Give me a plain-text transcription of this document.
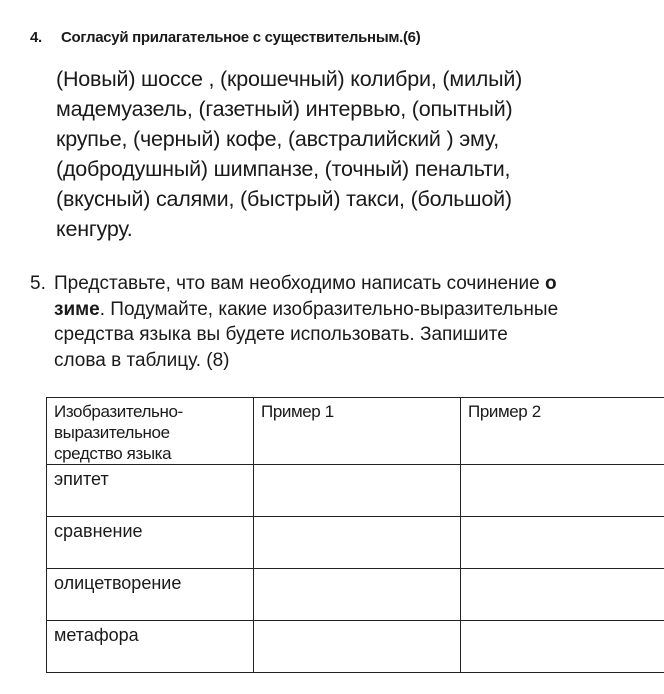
4. Согласуй прилагательное с существительным.(6)
(Новый) шоссе , (крошечный) колибри, (милый)
мадемуазель, (газетный) интервью, (опытный)
крупье, (черный) кофе, (австралийский ) эму,
(добродушный) шимпанзе, (точный) пенальти,
(вкусный) салями, (быстрый) такси, (большой)
кенгуру.
5. Представьте, что вам необходимо написать сочинение о
зиме. Подумайте, какие изобразительно-выразительные
средства языка вы будете использовать. Запишите
слова в таблицу. (8)
Изобразительно-
выразительное
средство языка	Пример 1	Пример 2
эпитет		
сравнение		
олицетворение		
метафора		
